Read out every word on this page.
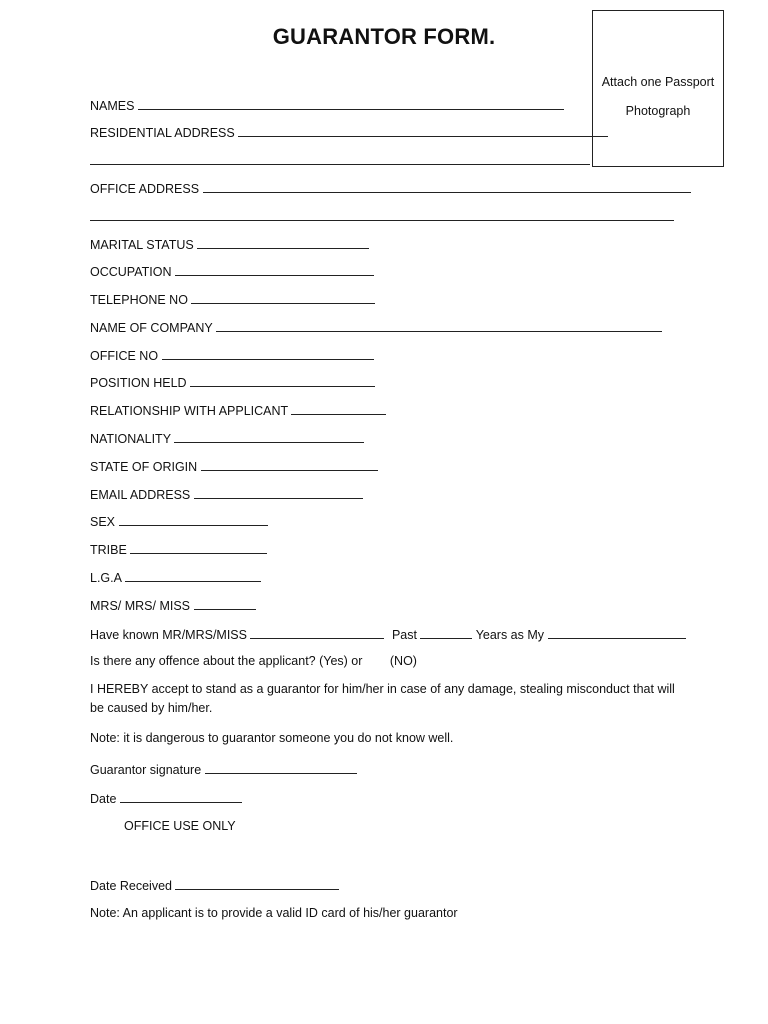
GUARANTOR FORM.
Attach one Passport
Photograph
NAMES
RESIDENTIAL ADDRESS
OFFICE ADDRESS
MARITAL STATUS
OCCUPATION
TELEPHONE NO
NAME OF COMPANY
OFFICE NO
POSITION HELD
RELATIONSHIP WITH APPLICANT
NATIONALITY
STATE OF ORIGIN
EMAIL ADDRESS
SEX
TRIBE
L.G.A
MRS/ MRS/ MISS
Have known MR/MRS/MISS	Past	Years as My
Is there any offence about the applicant? (Yes) or (NO)
I HEREBY accept to stand as a guarantor for him/her in case of any damage, stealing misconduct that will be caused by him/her.
Note: it is dangerous to guarantor someone you do not know well.
Guarantor signature
Date
OFFICE USE ONLY
Date Received
Note: An applicant is to provide a valid ID card of his/her guarantor
